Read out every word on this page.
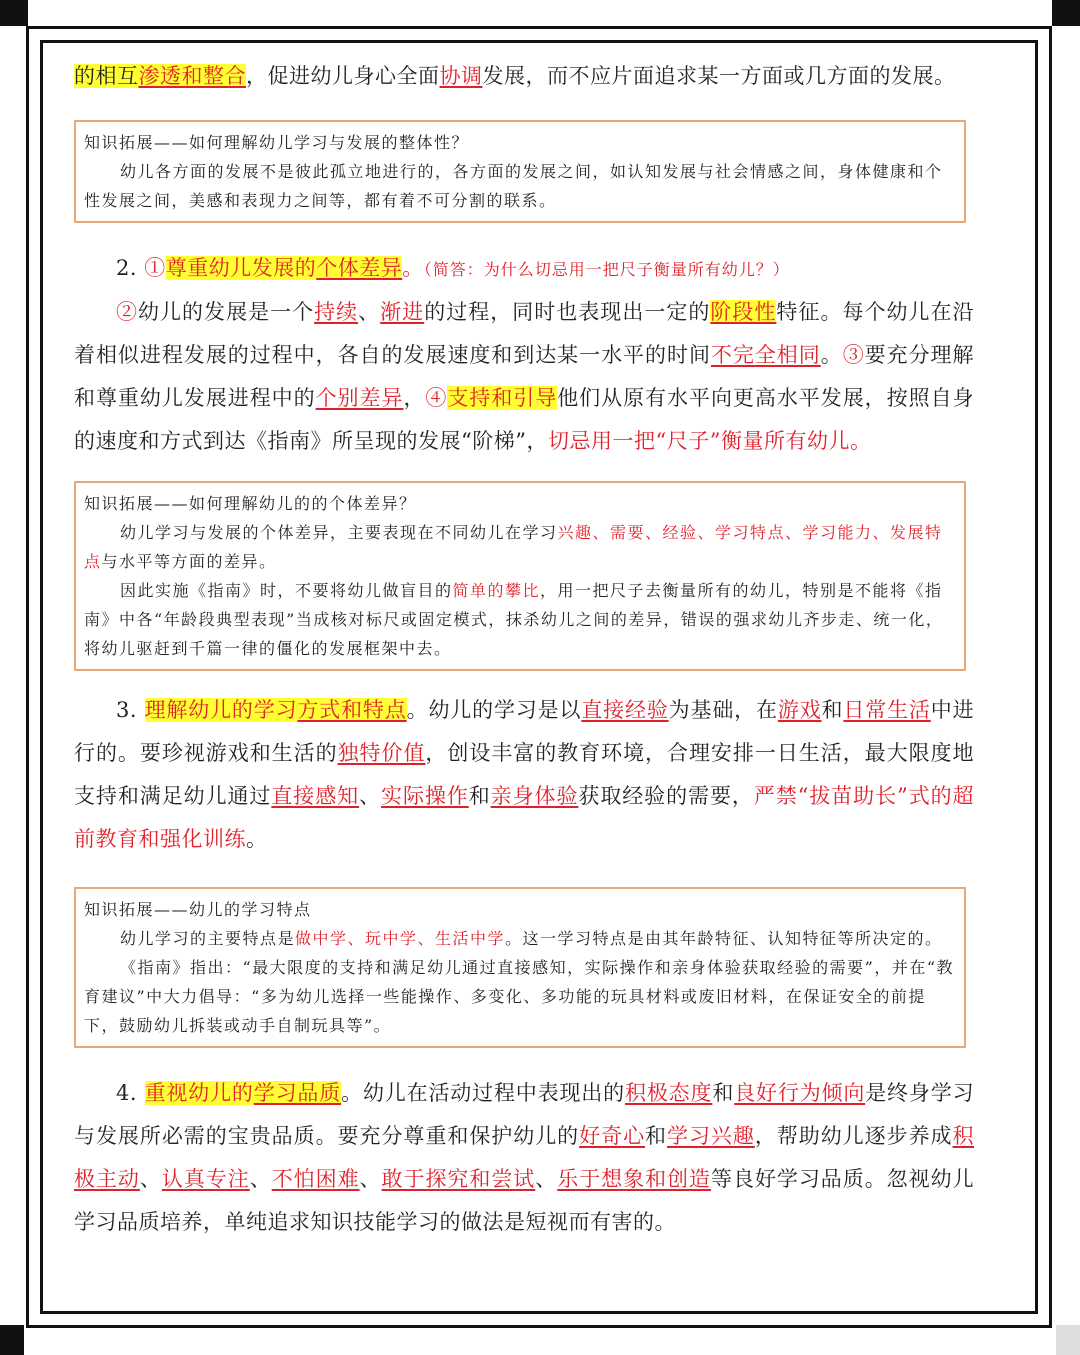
的相互渗透和整合，促进幼儿身心全面协调发展，而不应片面追求某一方面或几方面的发展。

知识拓展——如何理解幼儿学习与发展的整体性？

幼儿各方面的发展不是彼此孤立地进行的，各方面的发展之间，如认知发展与社会情感之间，身体健康和个性发展之间，美感和表现力之间等，都有着不可分割的联系。

2. ①尊重幼儿发展的个体差异。（简答：为什么切忌用一把尺子衡量所有幼儿？）

②幼儿的发展是一个持续、渐进的过程，同时也表现出一定的阶段性特征。每个幼儿在沿着相似进程发展的过程中，各自的发展速度和到达某一水平的时间不完全相同。③要充分理解和尊重幼儿发展进程中的个别差异，④支持和引导他们从原有水平向更高水平发展，按照自身的速度和方式到达《指南》所呈现的发展“阶梯”，切忌用一把“尺子”衡量所有幼儿。

知识拓展——如何理解幼儿的的个体差异？

幼儿学习与发展的个体差异，主要表现在不同幼儿在学习兴趣、需要、经验、学习特点、学习能力、发展特点与水平等方面的差异。

因此实施《指南》时，不要将幼儿做盲目的简单的攀比，用一把尺子去衡量所有的幼儿，特别是不能将《指南》中各“年龄段典型表现”当成核对标尺或固定模式，抹杀幼儿之间的差异，错误的强求幼儿齐步走、统一化，将幼儿驱赶到千篇一律的僵化的发展框架中去。

3. 理解幼儿的学习方式和特点。幼儿的学习是以直接经验为基础，在游戏和日常生活中进行的。要珍视游戏和生活的独特价值，创设丰富的教育环境，合理安排一日生活，最大限度地支持和满足幼儿通过直接感知、实际操作和亲身体验获取经验的需要，严禁“拔苗助长”式的超前教育和强化训练。

知识拓展——幼儿的学习特点

幼儿学习的主要特点是做中学、玩中学、生活中学。这一学习特点是由其年龄特征、认知特征等所决定的。

《指南》指出：“最大限度的支持和满足幼儿通过直接感知，实际操作和亲身体验获取经验的需要”，并在“教育建议”中大力倡导：“多为幼儿选择一些能操作、多变化、多功能的玩具材料或废旧材料，在保证安全的前提下，鼓励幼儿拆装或动手自制玩具等”。

4. 重视幼儿的学习品质。幼儿在活动过程中表现出的积极态度和良好行为倾向是终身学习与发展所必需的宝贵品质。要充分尊重和保护幼儿的好奇心和学习兴趣，帮助幼儿逐步养成积极主动、认真专注、不怕困难、敢于探究和尝试、乐于想象和创造等良好学习品质。忽视幼儿学习品质培养，单纯追求知识技能学习的做法是短视而有害的。
